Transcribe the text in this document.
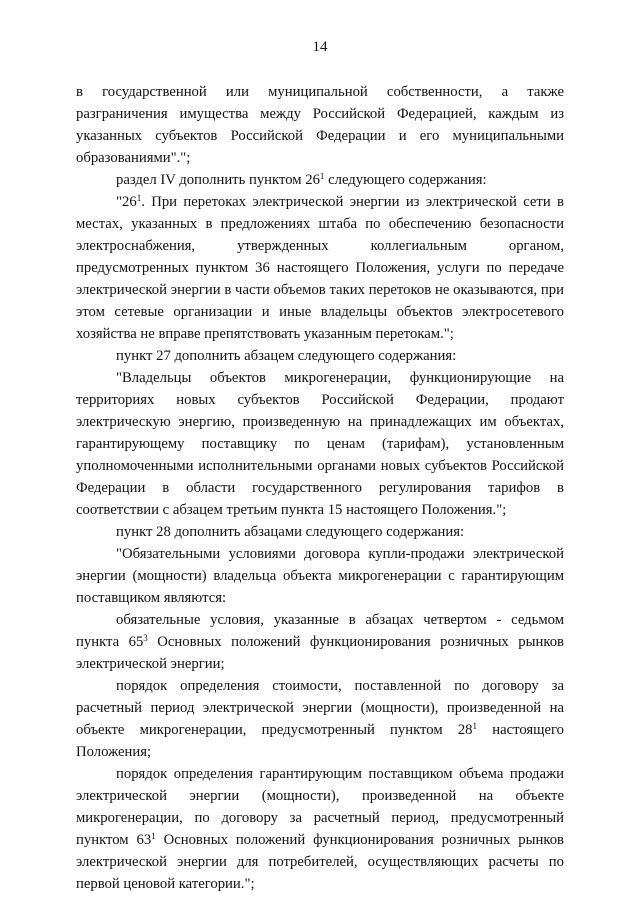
14

в государственной или муниципальной собственности, а также разграничения имущества между Российской Федерацией, каждым из указанных субъектов Российской Федерации и его муниципальными образованиями".";

раздел IV дополнить пунктом $26^1$ следующего содержания:

"$26^1$. При перетоках электрической энергии из электрической сети в местах, указанных в предложениях штаба по обеспечению безопасности электроснабжения, утвержденных коллегиальным органом, предусмотренных пунктом 36 настоящего Положения, услуги по передаче электрической энергии в части объемов таких перетоков не оказываются, при этом сетевые организации и иные владельцы объектов электросетевого хозяйства не вправе препятствовать указанным перетокам.";

пункт 27 дополнить абзацем следующего содержания:

"Владельцы объектов микрогенерации, функционирующие на территориях новых субъектов Российской Федерации, продают электрическую энергию, произведенную на принадлежащих им объектах, гарантирующему поставщику по ценам (тарифам), установленным уполномоченными исполнительными органами новых субъектов Российской Федерации в области государственного регулирования тарифов в соответствии с абзацем третьим пункта 15 настоящего Положения.";

пункт 28 дополнить абзацами следующего содержания:

"Обязательными условиями договора купли-продажи электрической энергии (мощности) владельца объекта микрогенерации с гарантирующим поставщиком являются:

обязательные условия, указанные в абзацах четвертом - седьмом пункта $65^3$ Основных положений функционирования розничных рынков электрической энергии;

порядок определения стоимости, поставленной по договору за расчетный период электрической энергии (мощности), произведенной на объекте микрогенерации, предусмотренный пунктом $28^1$ настоящего Положения;

порядок определения гарантирующим поставщиком объема продажи электрической энергии (мощности), произведенной на объекте микрогенерации, по договору за расчетный период, предусмотренный пунктом $63^1$ Основных положений функционирования розничных рынков электрической энергии для потребителей, осуществляющих расчеты по первой ценовой категории.";
